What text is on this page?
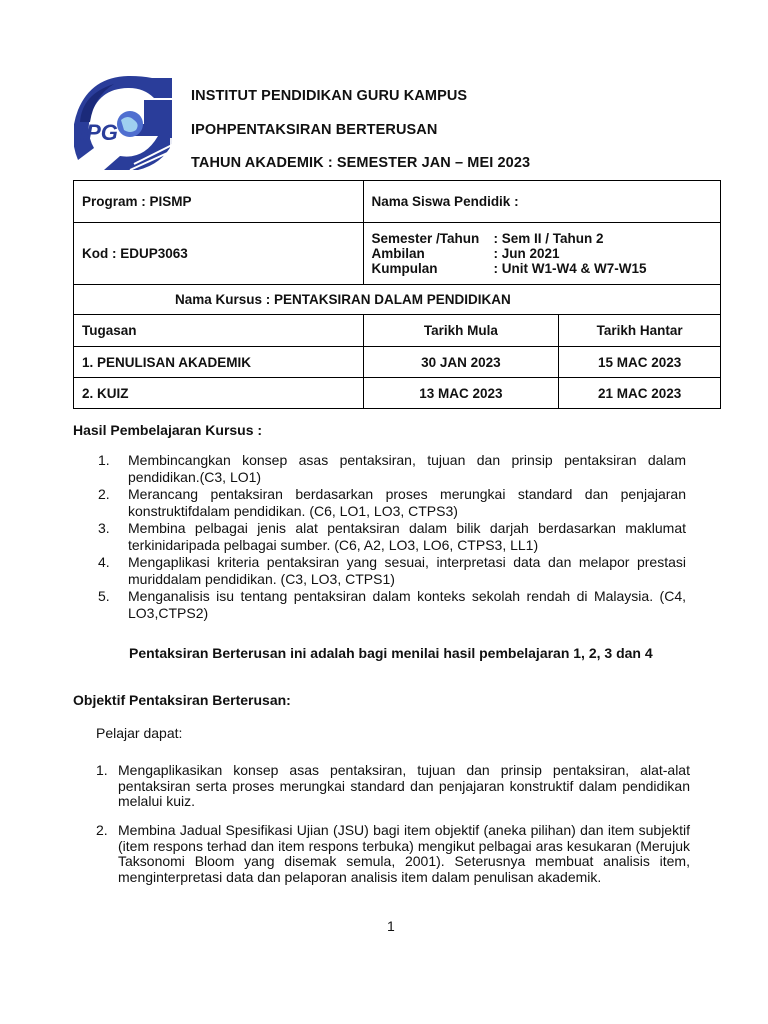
iPG
INSTITUT PENDIDIKAN GURU KAMPUS
IPOHPENTAKSIRAN BERTERUSAN
TAHUN AKADEMIK : SEMESTER JAN – MEI 2023
Program : PISMP	Nama Siswa Pendidik :	
Kod : EDUP3063	Semester /Tahun : Sem II / Tahun 2
Ambilan : Jun 2021
Kumpulan : Unit W1-W4 & W7-W15	

Nama Kursus : PENTAKSIRAN DALAM PENDIDIKAN		
Tugasan	Tarikh Mula	Tarikh Hantar
1. PENULISAN AKADEMIK	30 JAN 2023	15 MAC 2023
2. KUIZ	13 MAC 2023	21 MAC 2023
Hasil Pembelajaran Kursus :
1. Membincangkan konsep asas pentaksiran, tujuan dan prinsip pentaksiran dalam pendidikan.(C3, LO1)
2. Merancang pentaksiran berdasarkan proses merungkai standard dan penjajaran konstruktifdalam pendidikan. (C6, LO1, LO3, CTPS3)
3. Membina pelbagai jenis alat pentaksiran dalam bilik darjah berdasarkan maklumat terkinidaripada pelbagai sumber. (C6, A2, LO3, LO6, CTPS3, LL1)
4. Mengaplikasi kriteria pentaksiran yang sesuai, interpretasi data dan melapor prestasi muriddalam pendidikan. (C3, LO3, CTPS1)
5. Menganalisis isu tentang pentaksiran dalam konteks sekolah rendah di Malaysia. (C4, LO3,CTPS2)
Pentaksiran Berterusan ini adalah bagi menilai hasil pembelajaran 1, 2, 3 dan 4
Objektif Pentaksiran Berterusan:
Pelajar dapat:
1. Mengaplikasikan konsep asas pentaksiran, tujuan dan prinsip pentaksiran, alat-alat pentaksiran serta proses merungkai standard dan penjajaran konstruktif dalam pendidikan melalui kuiz.
2. Membina Jadual Spesifikasi Ujian (JSU) bagi item objektif (aneka pilihan) dan item subjektif (item respons terhad dan item respons terbuka) mengikut pelbagai aras kesukaran (Merujuk Taksonomi Bloom yang disemak semula, 2001). Seterusnya membuat analisis item, menginterpretasi data dan pelaporan analisis item dalam penulisan akademik.
1
